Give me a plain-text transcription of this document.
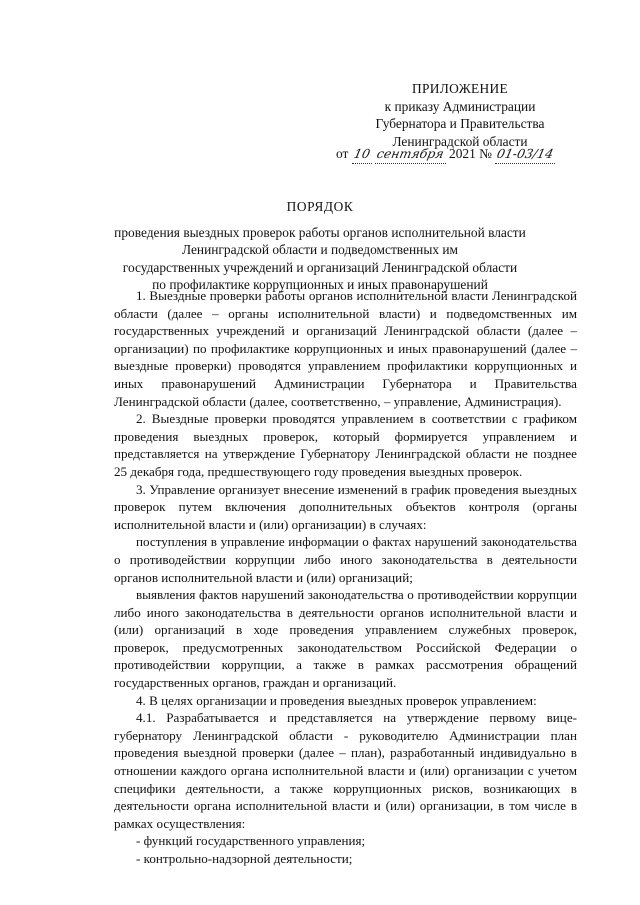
ПРИЛОЖЕНИЕ
к приказу Администрации
Губернатора и Правительства
Ленинградской области
от 10 сентября 2021 № 01-03/14
ПОРЯДОК
проведения выездных проверок работы органов исполнительной власти
Ленинградской области и подведомственных им
государственных учреждений и организаций Ленинградской области
по профилактике коррупционных и иных правонарушений

1. Выездные проверки работы органов исполнительной власти Ленинградской области (далее – органы исполнительной власти) и подведомственных им государственных учреждений и организаций Ленинградской области (далее – организации) по профилактике коррупционных и иных правонарушений (далее – выездные проверки) проводятся управлением профилактики коррупционных и иных правонарушений Администрации Губернатора и Правительства Ленинградской области (далее, соответственно, – управление, Администрация).

2. Выездные проверки проводятся управлением в соответствии с графиком проведения выездных проверок, который формируется управлением и представляется на утверждение Губернатору Ленинградской области не позднее 25 декабря года, предшествующего году проведения выездных проверок.

3. Управление организует внесение изменений в график проведения выездных проверок путем включения дополнительных объектов контроля (органы исполнительной власти и (или) организации) в случаях:

поступления в управление информации о фактах нарушений законодательства о противодействии коррупции либо иного законодательства в деятельности органов исполнительной власти и (или) организаций;

выявления фактов нарушений законодательства о противодействии коррупции либо иного законодательства в деятельности органов исполнительной власти и (или) организаций в ходе проведения управлением служебных проверок, проверок, предусмотренных законодательством Российской Федерации о противодействии коррупции, а также в рамках рассмотрения обращений государственных органов, граждан и организаций.

4. В целях организации и проведения выездных проверок управлением:

4.1. Разрабатывается и представляется на утверждение первому вице-губернатору Ленинградской области - руководителю Администрации план проведения выездной проверки (далее – план), разработанный индивидуально в отношении каждого органа исполнительной власти и (или) организации с учетом специфики деятельности, а также коррупционных рисков, возникающих в деятельности органа исполнительной власти и (или) организации, в том числе в рамках осуществления:

- функций государственного управления;

- контрольно-надзорной деятельности;
